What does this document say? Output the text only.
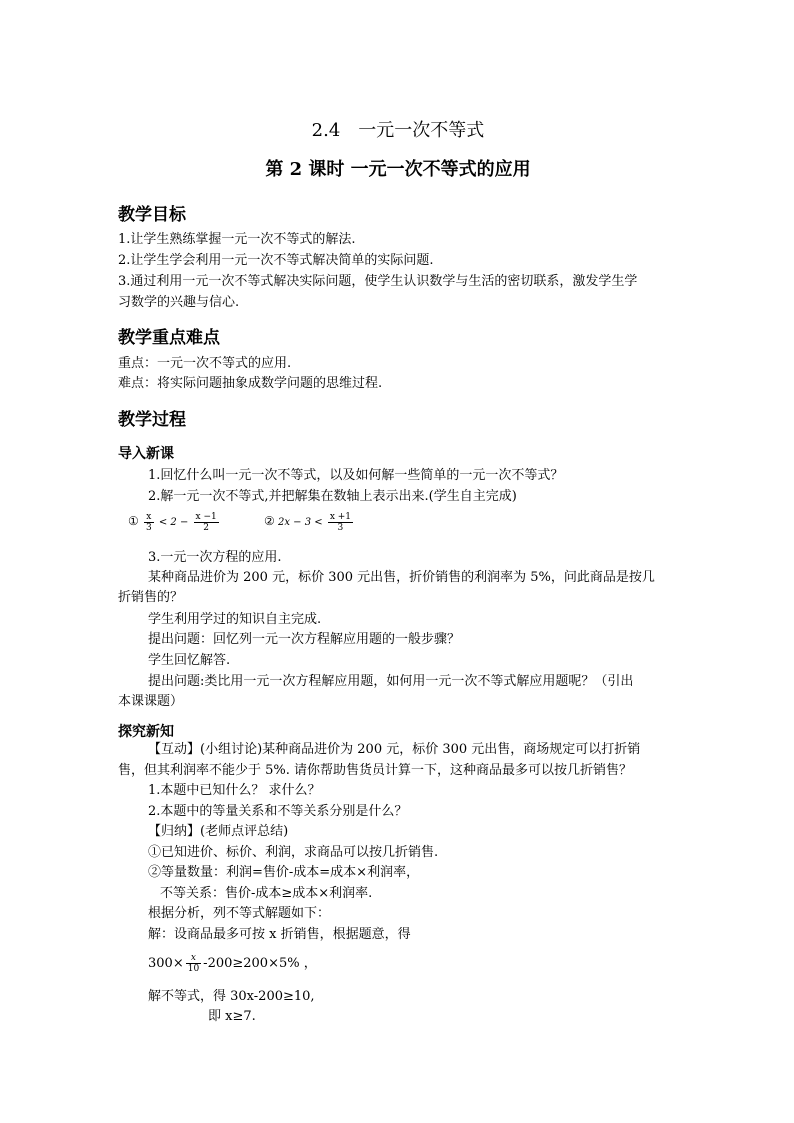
2.4　一元一次不等式
第 2 课时 一元一次不等式的应用
教学目标
1.让学生熟练掌握一元一次不等式的解法.
2.让学生学会利用一元一次不等式解决简单的实际问题.
3.通过利用一元一次不等式解决实际问题，使学生认识数学与生活的密切联系，激发学生学
习数学的兴趣与信心.
教学重点难点
重点：一元一次不等式的应用.
难点：将实际问题抽象成数学问题的思维过程.
教学过程
导入新课
1.回忆什么叫一元一次不等式，以及如何解一些简单的一元一次不等式？
2.解一元一次不等式,并把解集在数轴上表示出来.(学生自主完成)
① $\frac{x}{3} < 2 - \frac{x -1}{2}$	② $2x - 3 < \frac{x +1}{3}$
3.一元一次方程的应用.
某种商品进价为 200 元，标价 300 元出售，折价销售的利润率为 5%，问此商品是按几
折销售的？
学生利用学过的知识自主完成.
提出问题：回忆列一元一次方程解应用题的一般步骤？
学生回忆解答.
提出问题:类比用一元一次方程解应用题，如何用一元一次不等式解应用题呢？（引出
本课课题）
探究新知
【互动】(小组讨论)某种商品进价为 200 元，标价 300 元出售，商场规定可以打折销
售，但其利润率不能少于 5%. 请你帮助售货员计算一下，这种商品最多可以按几折销售？
1.本题中已知什么？ 求什么？
2.本题中的等量关系和不等关系分别是什么？
【归纳】(老师点评总结)
①已知进价、标价、利润，求商品可以按几折销售.
②等量数量：利润=售价-成本=成本×利润率，
不等关系：售价-成本≥成本×利润率.
根据分析，列不等式解题如下：
解：设商品最多可按 x 折销售，根据题意，得
$300\times \frac{x}{10} -200\ge 200\times 5\%$ ，
解不等式，得 30x-200≥10,
即 x≥7.
